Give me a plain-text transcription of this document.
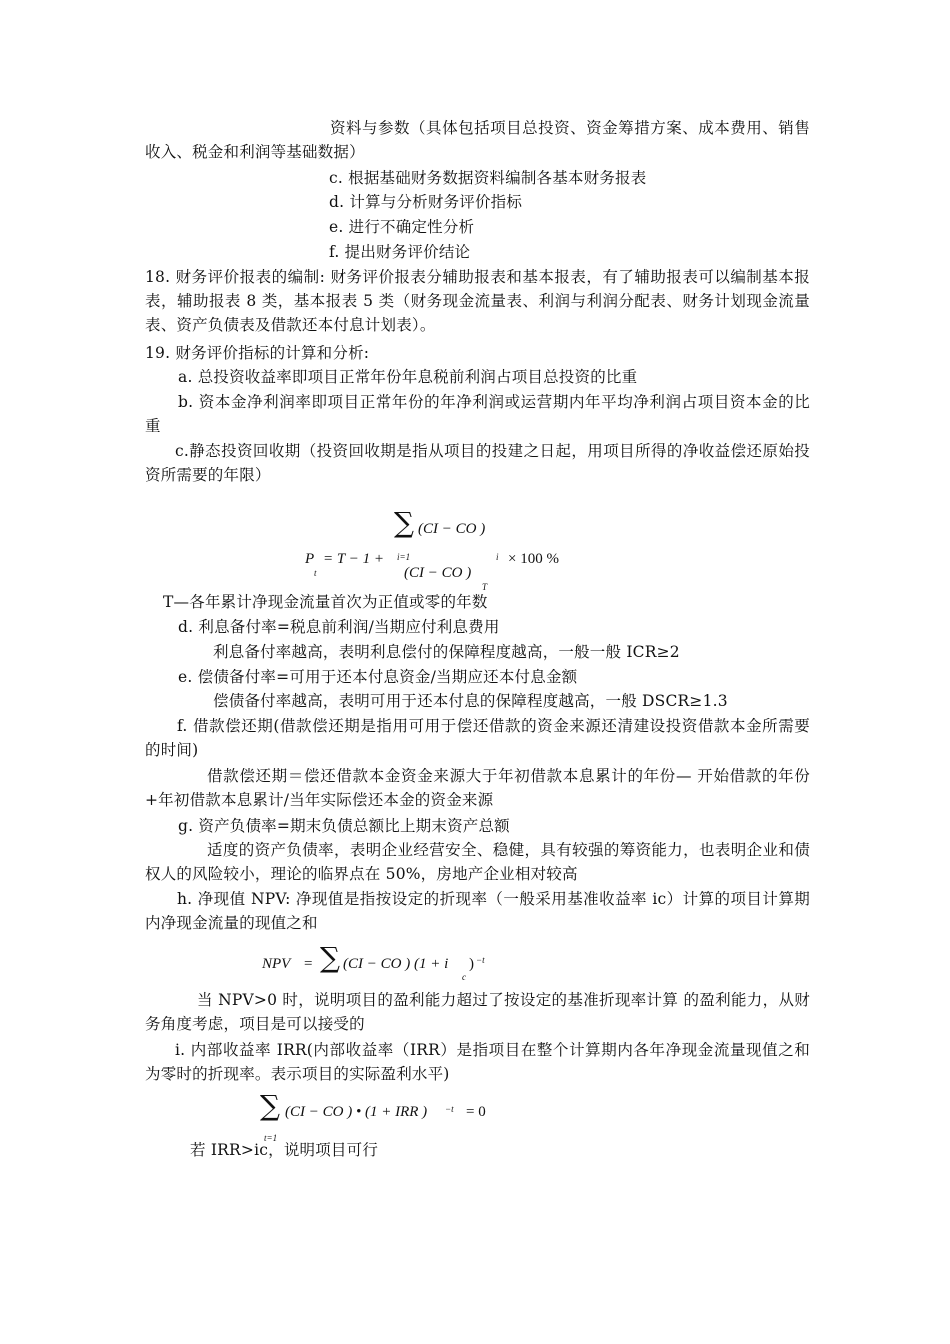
资料与参数（具体包括项目总投资、资金筹措方案、成本费用、销售收入、税金和利润等基础数据）
c. 根据基础财务数据资料编制各基本财务报表
d. 计算与分析财务评价指标
e. 进行不确定性分析
f. 提出财务评价结论
18. 财务评价报表的编制: 财务评价报表分辅助报表和基本报表，有了辅助报表可以编制基本报表，辅助报表 8 类，基本报表 5 类（财务现金流量表、利润与利润分配表、财务计划现金流量表、资产负债表及借款还本付息计划表）。
19. 财务评价指标的计算和分析:
a. 总投资收益率即项目正常年份年息税前利润占项目总投资的比重
b. 资本金净利润率即项目正常年份的年净利润或运营期内年平均净利润占项目资本金的比重
c.静态投资回收期（投资回收期是指从项目的投建之日起，用项目所得的净收益偿还原始投资所需要的年限）
∑ (CI − CO )
P
t
= T − 1 + i=1
(CI − CO )
T
i × 100 %
T—各年累计净现金流量首次为正值或零的年数
d. 利息备付率=税息前利润/当期应付利息费用
利息备付率越高，表明利息偿付的保障程度越高，一般一般 ICR≥2
e. 偿债备付率=可用于还本付息资金/当期应还本付息金额
偿债备付率越高，表明可用于还本付息的保障程度越高，一般 DSCR≥1.3
f. 借款偿还期(借款偿还期是指用可用于偿还借款的资金来源还清建设投资借款本金所需要的时间)
借款偿还期＝偿还借款本金资金来源大于年初借款本息累计的年份— 开始借款的年份 +年初借款本息累计/当年实际偿还本金的资金来源
g. 资产负债率=期末负债总额比上期末资产总额
适度的资产负债率，表明企业经营安全、稳健，具有较强的筹资能力，也表明企业和债权人的风险较小，理论的临界点在 50%，房地产企业相对较高
h. 净现值 NPV: 净现值是指按设定的折现率（一般采用基准收益率 ic）计算的项目计算期内净现金流量的现值之和
NPV = ∑ (CI − CO ) (1 + i
c
) −t
当 NPV>0 时，说明项目的盈利能力超过了按设定的基准折现率计算 的盈利能力，从财务角度考虑，项目是可以接受的
i. 内部收益率 IRR(内部收益率（IRR）是指项目在整个计算期内各年净现金流量现值之和为零时的折现率。表示项目的实际盈利水平)
∑ (CI − CO ) • (1 + IRR ) −t = 0
t=1
若 IRR>ic，说明项目可行
